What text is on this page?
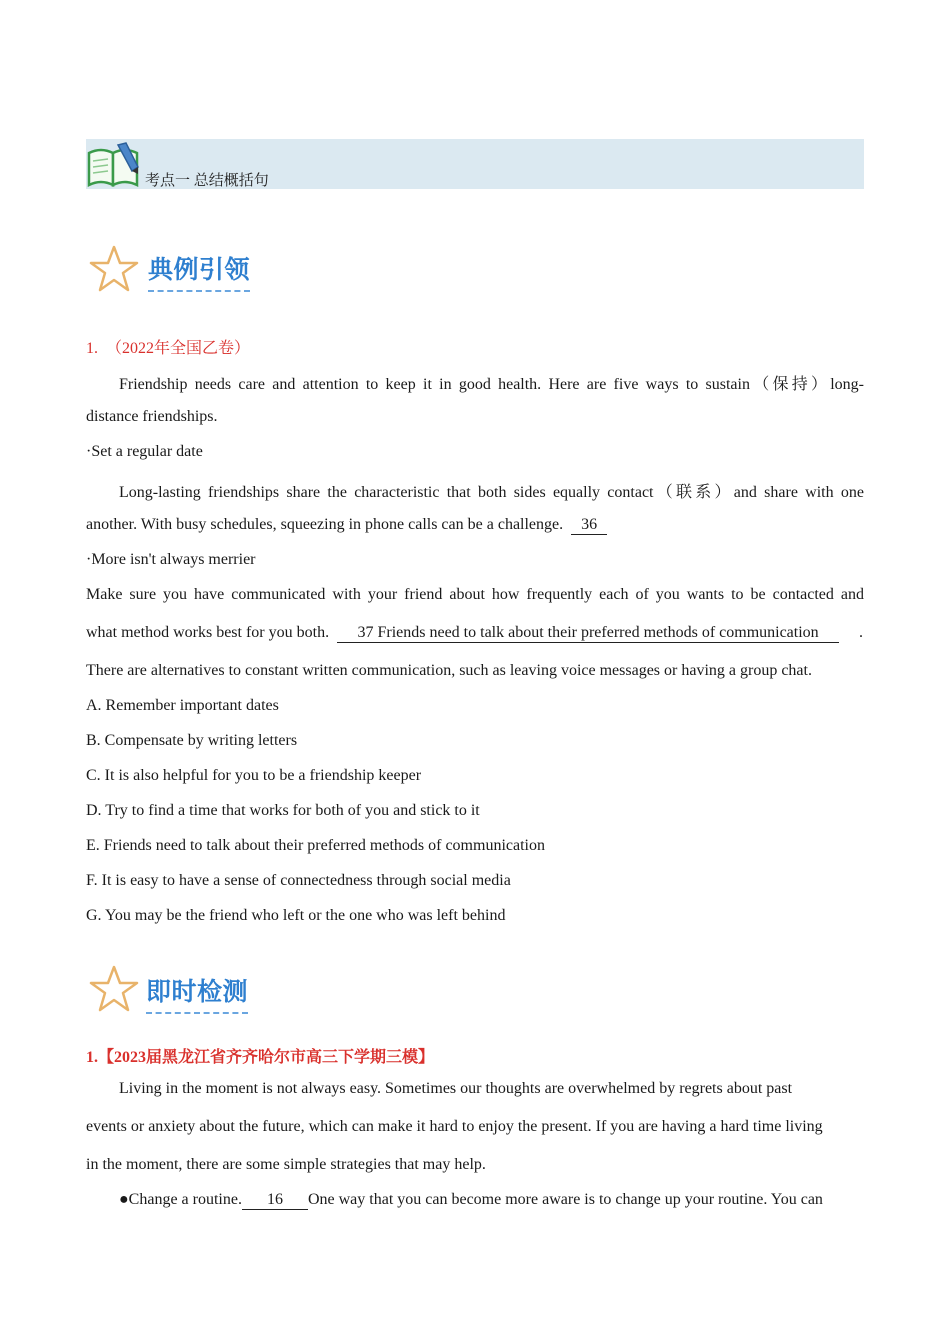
考点一 总结概括句
典例引领
1.　（2022年全国乙卷）
Friendship needs care and attention to keep it in good health. Here are five ways to sustain（保持）long-
distance friendships.
·Set a regular date
Long-lasting friendships share the characteristic that both sides equally contact（联系）and share with one
another. With busy schedules, squeezing in phone calls can be a challenge. 36
·More isn't always merrier
Make sure you have communicated with your friend about how frequently each of you wants to be contacted and
what method works best for you both. 37 Friends need to talk about their preferred methods of communication	.
There are alternatives to constant written communication, such as leaving voice messages or having a group chat.
A. Remember important dates
B. Compensate by writing letters
C. It is also helpful for you to be a friendship keeper
D. Try to find a time that works for both of you and stick to it
E. Friends need to talk about their preferred methods of communication
F. It is easy to have a sense of connectedness through social media
G. You may be the friend who left or the one who was left behind
即时检测
1.【2023届黑龙江省齐齐哈尔市高三下学期三模】
Living in the moment is not always easy. Sometimes our thoughts are overwhelmed by regrets about past
events or anxiety about the future, which can make it hard to enjoy the present. If you are having a hard time living
in the moment, there are some simple strategies that may help.
●Change a routine. 16 One way that you can become more aware is to change up your routine. You can
